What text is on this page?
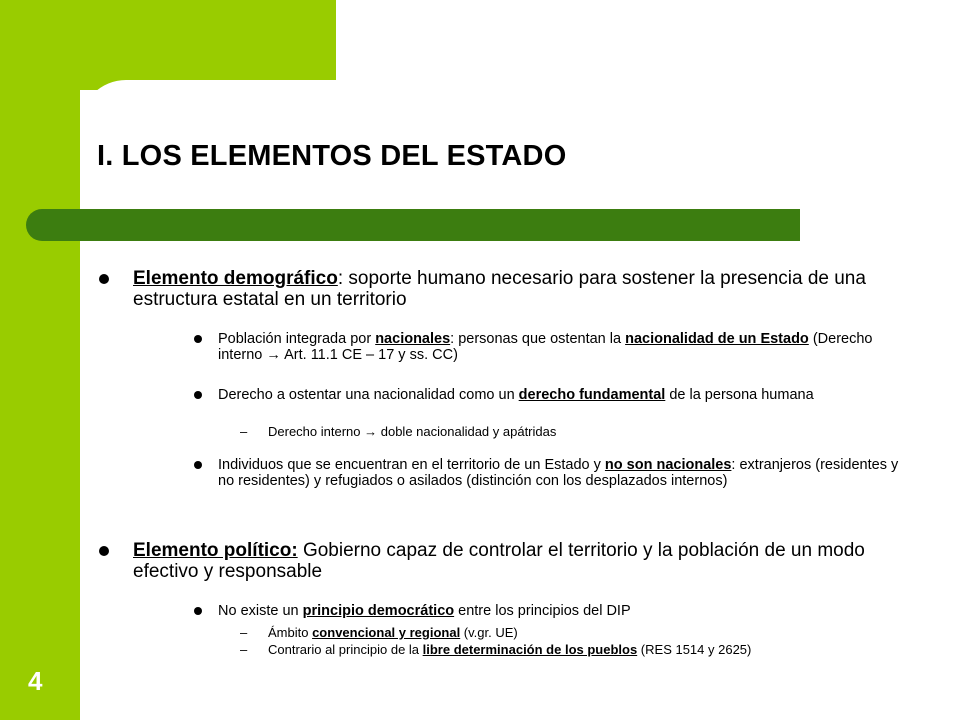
I. LOS ELEMENTOS DEL ESTADO
Elemento demográfico: soporte humano necesario para sostener la presencia de una estructura estatal en un territorio
Población integrada por nacionales: personas que ostentan la nacionalidad de un Estado (Derecho interno → Art. 11.1 CE – 17 y ss. CC)
Derecho a ostentar una nacionalidad como un derecho fundamental de la persona humana
– Derecho interno → doble nacionalidad y apátridas
Individuos que se encuentran en el territorio de un Estado y no son nacionales: extranjeros (residentes y no residentes) y refugiados o asilados (distinción con los desplazados internos)
Elemento político: Gobierno capaz de controlar el territorio y la población de un modo efectivo y responsable
No existe un principio democrático entre los principios del DIP
– Ámbito convencional y regional (v.gr. UE)
– Contrario al principio de la libre determinación de los pueblos (RES 1514 y 2625)
4
